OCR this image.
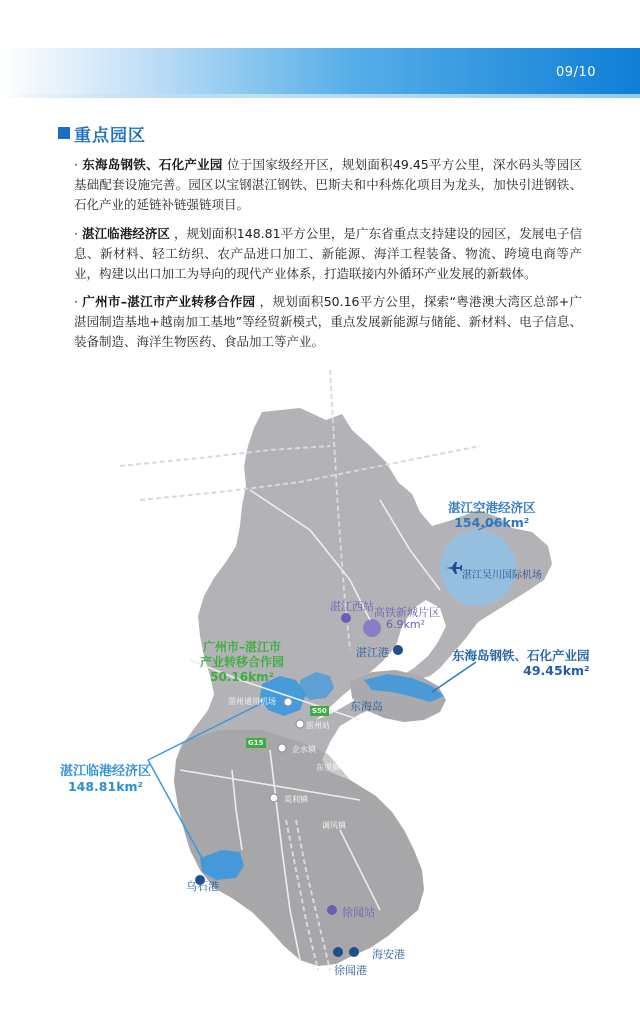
09/10
重点园区
· 东海岛钢铁、石化产业园 位于国家级经开区，规划面积49.45平方公里，深水码头等园区基础配套设施完善。园区以宝钢湛江钢铁、巴斯夫和中科炼化项目为龙头，加快引进钢铁、石化产业的延链补链强链项目。
· 湛江临港经济区 ，规划面积148.81平方公里，是广东省重点支持建设的园区，发展电子信息、新材料、轻工纺织、农产品进口加工、新能源、海洋工程装备、物流、跨境电商等产业，构建以出口加工为导向的现代产业体系，打造联接内外循环产业发展的新载体。
· 广州市–湛江市产业转移合作园 ，规划面积50.16平方公里，探索“粤港澳大湾区总部+广湛园制造基地+越南加工基地”等经贸新模式，重点发展新能源与储能、新材料、电子信息、装备制造、海洋生物医药、食品加工等产业。
湛江空港经济区
154.06km²
湛江吴川国际机场
高铁新城片区
6.9km²
湛江西站
湛江港	东海岛钢铁、石化产业园
49.45km²
东海岛
广州市–湛江市
产业转移合作园
50.16km²
湛江临港经济区
148.81km²
乌石港
徐闻站
徐闻港
海安港
雷州通用机场
雷州站
S50
G15
企水镇
东里镇
调风镇
英利镇
